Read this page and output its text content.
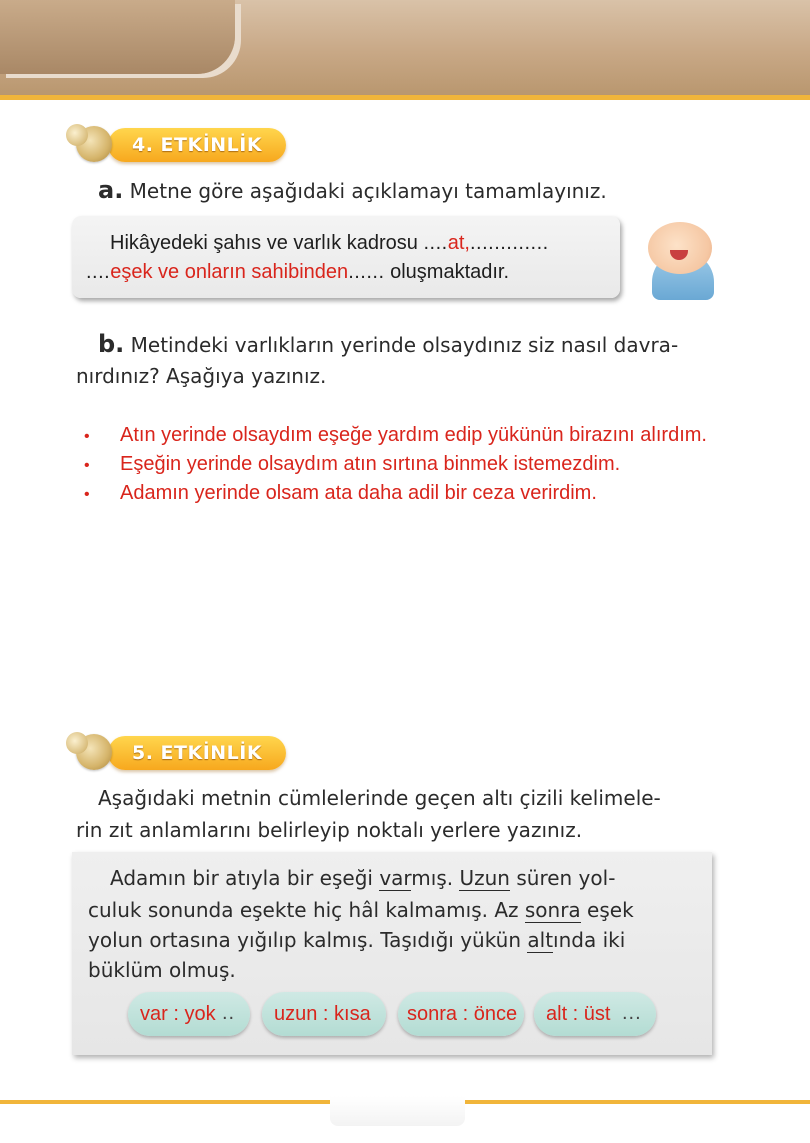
4. ETKİNLİK
a. Metne göre aşağıdaki açıklamayı tamamlayınız.
Hikâyedeki şahıs ve varlık kadrosu ....at,.............
....eşek ve onların sahibinden...... oluşmaktadır.
b. Metindeki varlıkların yerinde olsaydınız siz nasıl davra-
nırdınız? Aşağıya yazınız.
• Atın yerinde olsaydım eşeğe yardım edip yükünün birazını alırdım.
• Eşeğin yerinde olsaydım atın sırtına binmek istemezdim.
• Adamın yerinde olsam ata daha adil bir ceza verirdim.
5. ETKİNLİK
Aşağıdaki metnin cümlelerinde geçen altı çizili kelimele-
rin zıt anlamlarını belirleyip noktalı yerlere yazınız.
Adamın bir atıyla bir eşeği varmış. Uzun süren yol-
culuk sonunda eşekte hiç hâl kalmamış. Az sonra eşek
yolun ortasına yığılıp kalmış. Taşıdığı yükün altında iki
büklüm olmuş.
var : yok .. uzun : kısa sonra : önce alt : üst ...
